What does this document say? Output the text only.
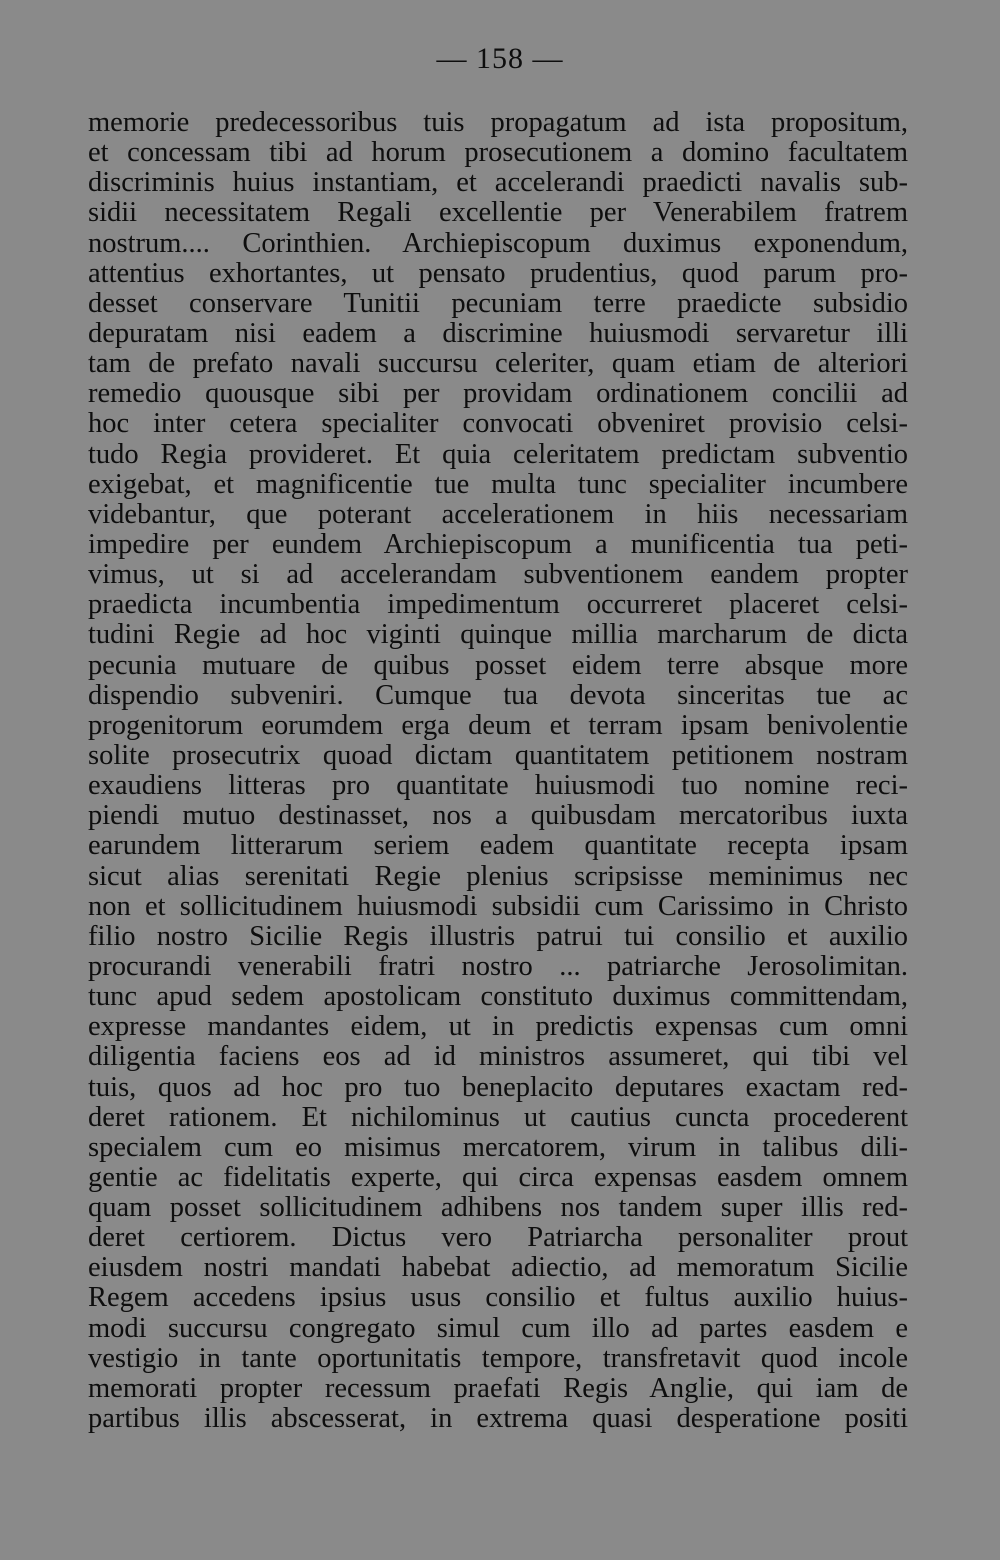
— 158 —
memorie predecessoribus tuis propagatum ad ista propositum,
et concessam tibi ad horum prosecutionem a domino facultatem
discriminis huius instantiam, et accelerandi praedicti navalis sub-
sidii necessitatem Regali excellentie per Venerabilem fratrem
nostrum.... Corinthien. Archiepiscopum duximus exponendum,
attentius exhortantes, ut pensato prudentius, quod parum pro-
desset conservare Tunitii pecuniam terre praedicte subsidio
depuratam nisi eadem a discrimine huiusmodi servaretur illi
tam de prefato navali succursu celeriter, quam etiam de alteriori
remedio quousque sibi per providam ordinationem concilii ad
hoc inter cetera specialiter convocati obveniret provisio celsi-
tudo Regia provideret. Et quia celeritatem predictam subventio
exigebat, et magnificentie tue multa tunc specialiter incumbere
videbantur, que poterant accelerationem in hiis necessariam
impedire per eundem Archiepiscopum a munificentia tua peti-
vimus, ut si ad accelerandam subventionem eandem propter
praedicta incumbentia impedimentum occurreret placeret celsi-
tudini Regie ad hoc viginti quinque millia marcharum de dicta
pecunia mutuare de quibus posset eidem terre absque more
dispendio subveniri. Cumque tua devota sinceritas tue ac
progenitorum eorumdem erga deum et terram ipsam benivolentie
solite prosecutrix quoad dictam quantitatem petitionem nostram
exaudiens litteras pro quantitate huiusmodi tuo nomine reci-
piendi mutuo destinasset, nos a quibusdam mercatoribus iuxta
earundem litterarum seriem eadem quantitate recepta ipsam
sicut alias serenitati Regie plenius scripsisse meminimus nec
non et sollicitudinem huiusmodi subsidii cum Carissimo in Christo
filio nostro Sicilie Regis illustris patrui tui consilio et auxilio
procurandi venerabili fratri nostro ... patriarche Jerosolimitan.
tunc apud sedem apostolicam constituto duximus committendam,
expresse mandantes eidem, ut in predictis expensas cum omni
diligentia faciens eos ad id ministros assumeret, qui tibi vel
tuis, quos ad hoc pro tuo beneplacito deputares exactam red-
deret rationem. Et nichilominus ut cautius cuncta procederent
specialem cum eo misimus mercatorem, virum in talibus dili-
gentie ac fidelitatis experte, qui circa expensas easdem omnem
quam posset sollicitudinem adhibens nos tandem super illis red-
deret certiorem. Dictus vero Patriarcha personaliter prout
eiusdem nostri mandati habebat adiectio, ad memoratum Sicilie
Regem accedens ipsius usus consilio et fultus auxilio huius-
modi succursu congregato simul cum illo ad partes easdem e
vestigio in tante oportunitatis tempore, transfretavit quod incole
memorati propter recessum praefati Regis Anglie, qui iam de
partibus illis abscesserat, in extrema quasi desperatione positi
